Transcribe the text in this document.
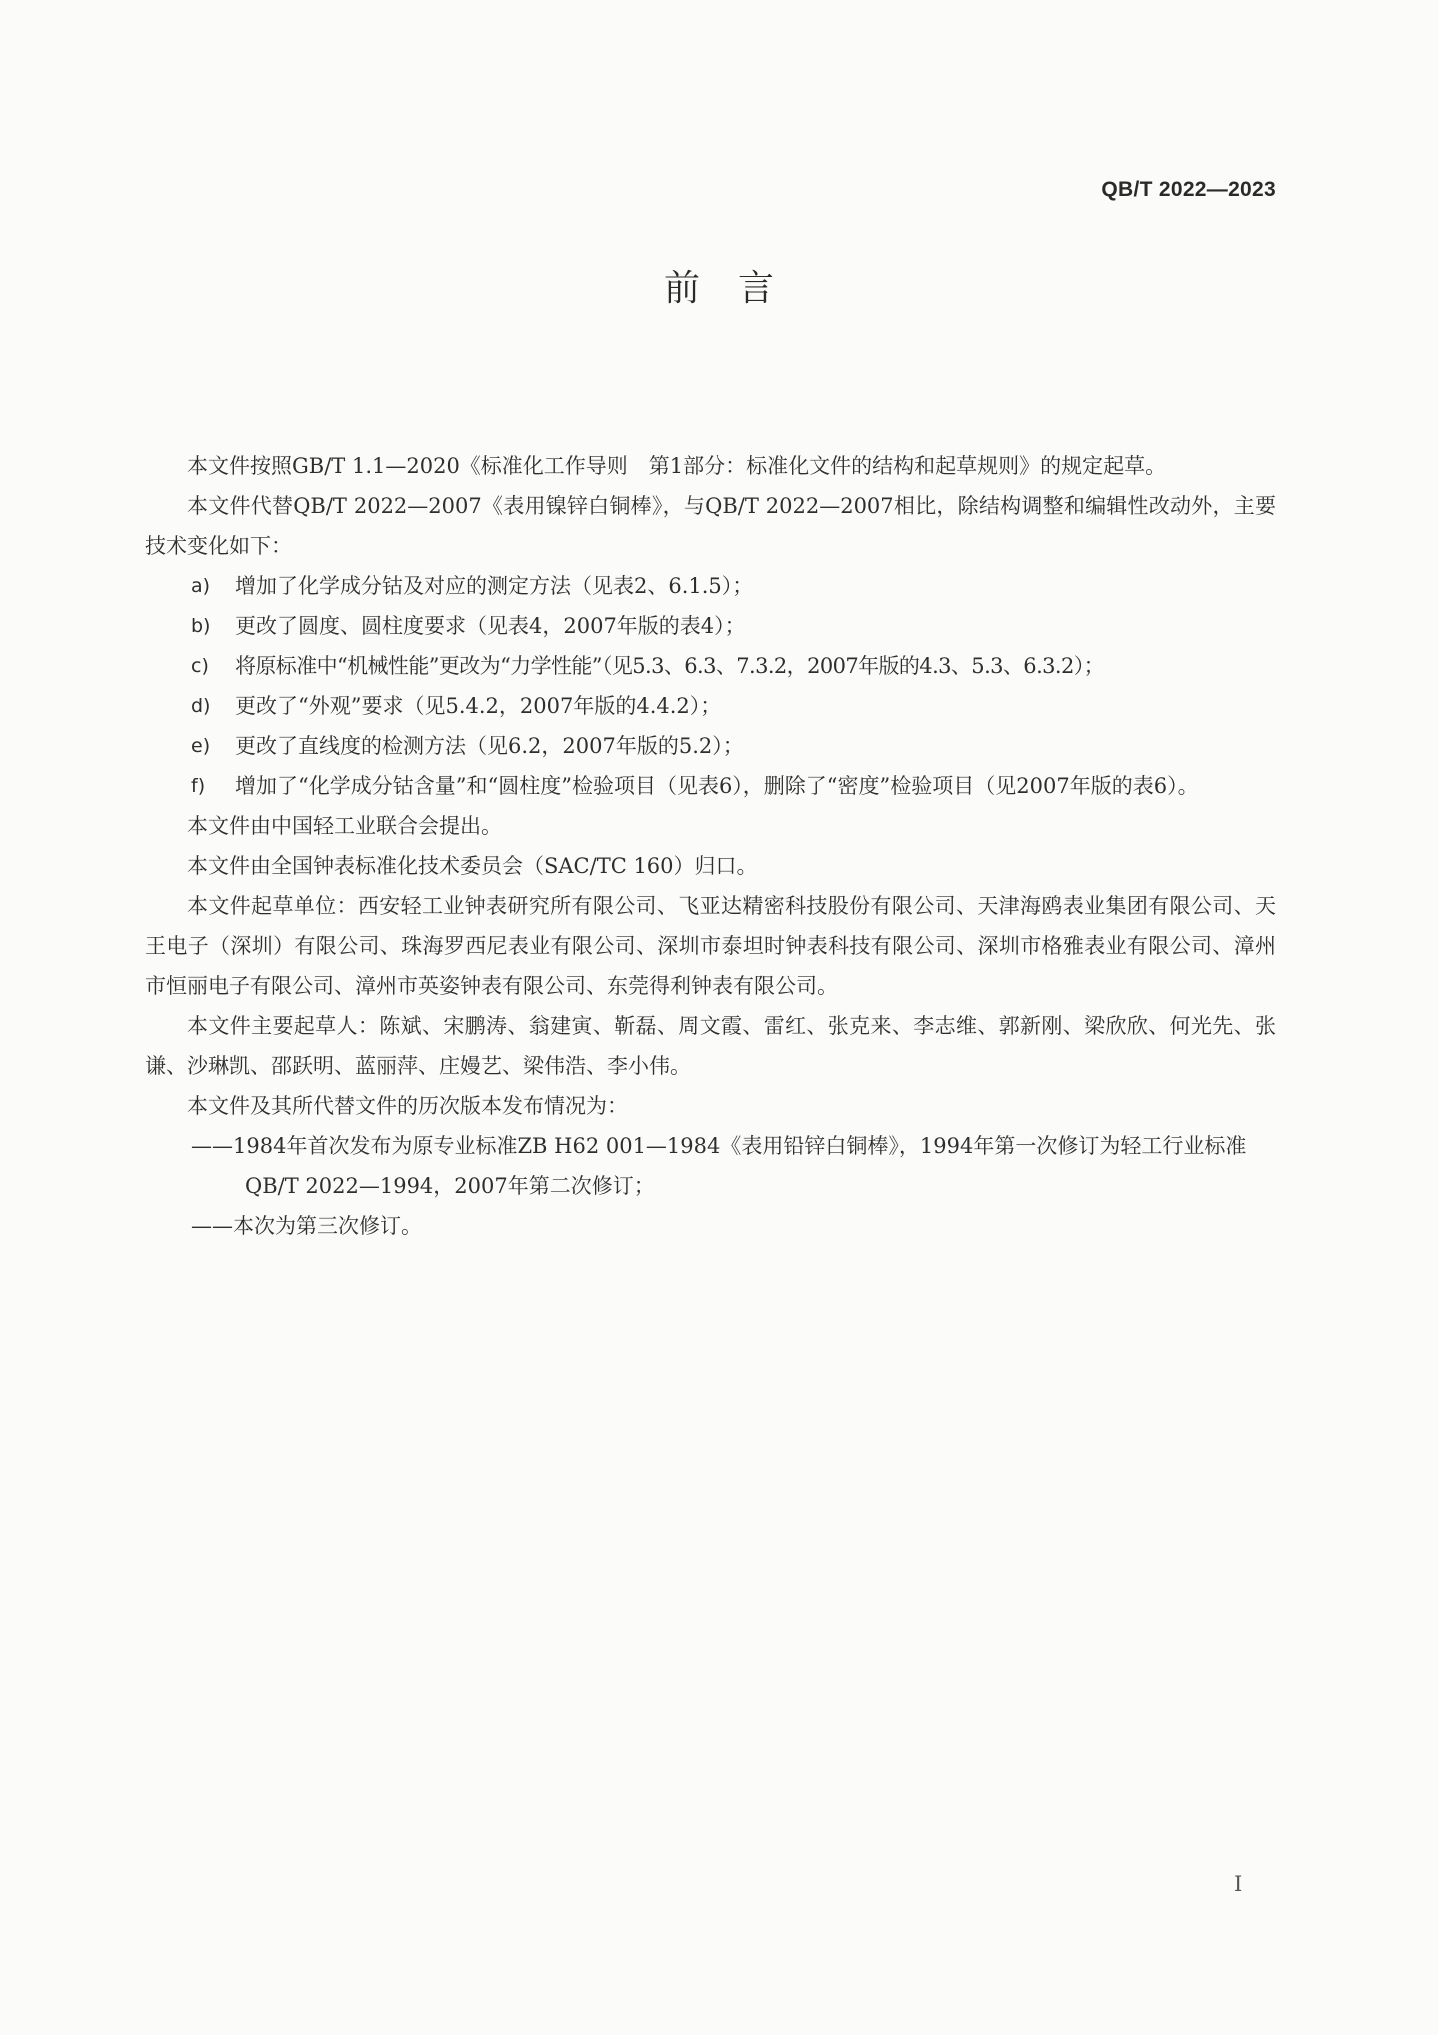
QB/T 2022—2023
前言

本文件按照GB/T 1.1—2020《标准化工作导则　第1部分：标准化文件的结构和起草规则》的规定起草。

本文件代替QB/T 2022—2007《表用镍锌白铜棒》，与QB/T 2022—2007相比，除结构调整和编辑性改动外，主要技术变化如下：

a)	增加了化学成分钴及对应的测定方法（见表2、6.1.5）；
b)	更改了圆度、圆柱度要求（见表4，2007年版的表4）；
c)	将原标准中“机械性能”更改为“力学性能”（见5.3、6.3、7.3.2，2007年版的4.3、5.3、6.3.2）；
d)	更改了“外观”要求（见5.4.2，2007年版的4.4.2）；
e)	更改了直线度的检测方法（见6.2，2007年版的5.2）；
f)	增加了“化学成分钴含量”和“圆柱度”检验项目（见表6），删除了“密度”检验项目（见2007年版的表6）。

本文件由中国轻工业联合会提出。

本文件由全国钟表标准化技术委员会（SAC/TC 160）归口。

本文件起草单位：西安轻工业钟表研究所有限公司、飞亚达精密科技股份有限公司、天津海鸥表业集团有限公司、天王电子（深圳）有限公司、珠海罗西尼表业有限公司、深圳市泰坦时钟表科技有限公司、深圳市格雅表业有限公司、漳州市恒丽电子有限公司、漳州市英姿钟表有限公司、东莞得利钟表有限公司。

本文件主要起草人：陈斌、宋鹏涛、翁建寅、靳磊、周文霞、雷红、张克来、李志维、郭新刚、梁欣欣、何光先、张谦、沙琳凯、邵跃明、蓝丽萍、庄嫚艺、梁伟浩、李小伟。

本文件及其所代替文件的历次版本发布情况为：

——1984年首次发布为原专业标准ZB H62 001—1984《表用铅锌白铜棒》，1994年第一次修订为轻工行业标准QB/T 2022—1994，2007年第二次修订；
——本次为第三次修订。
I
